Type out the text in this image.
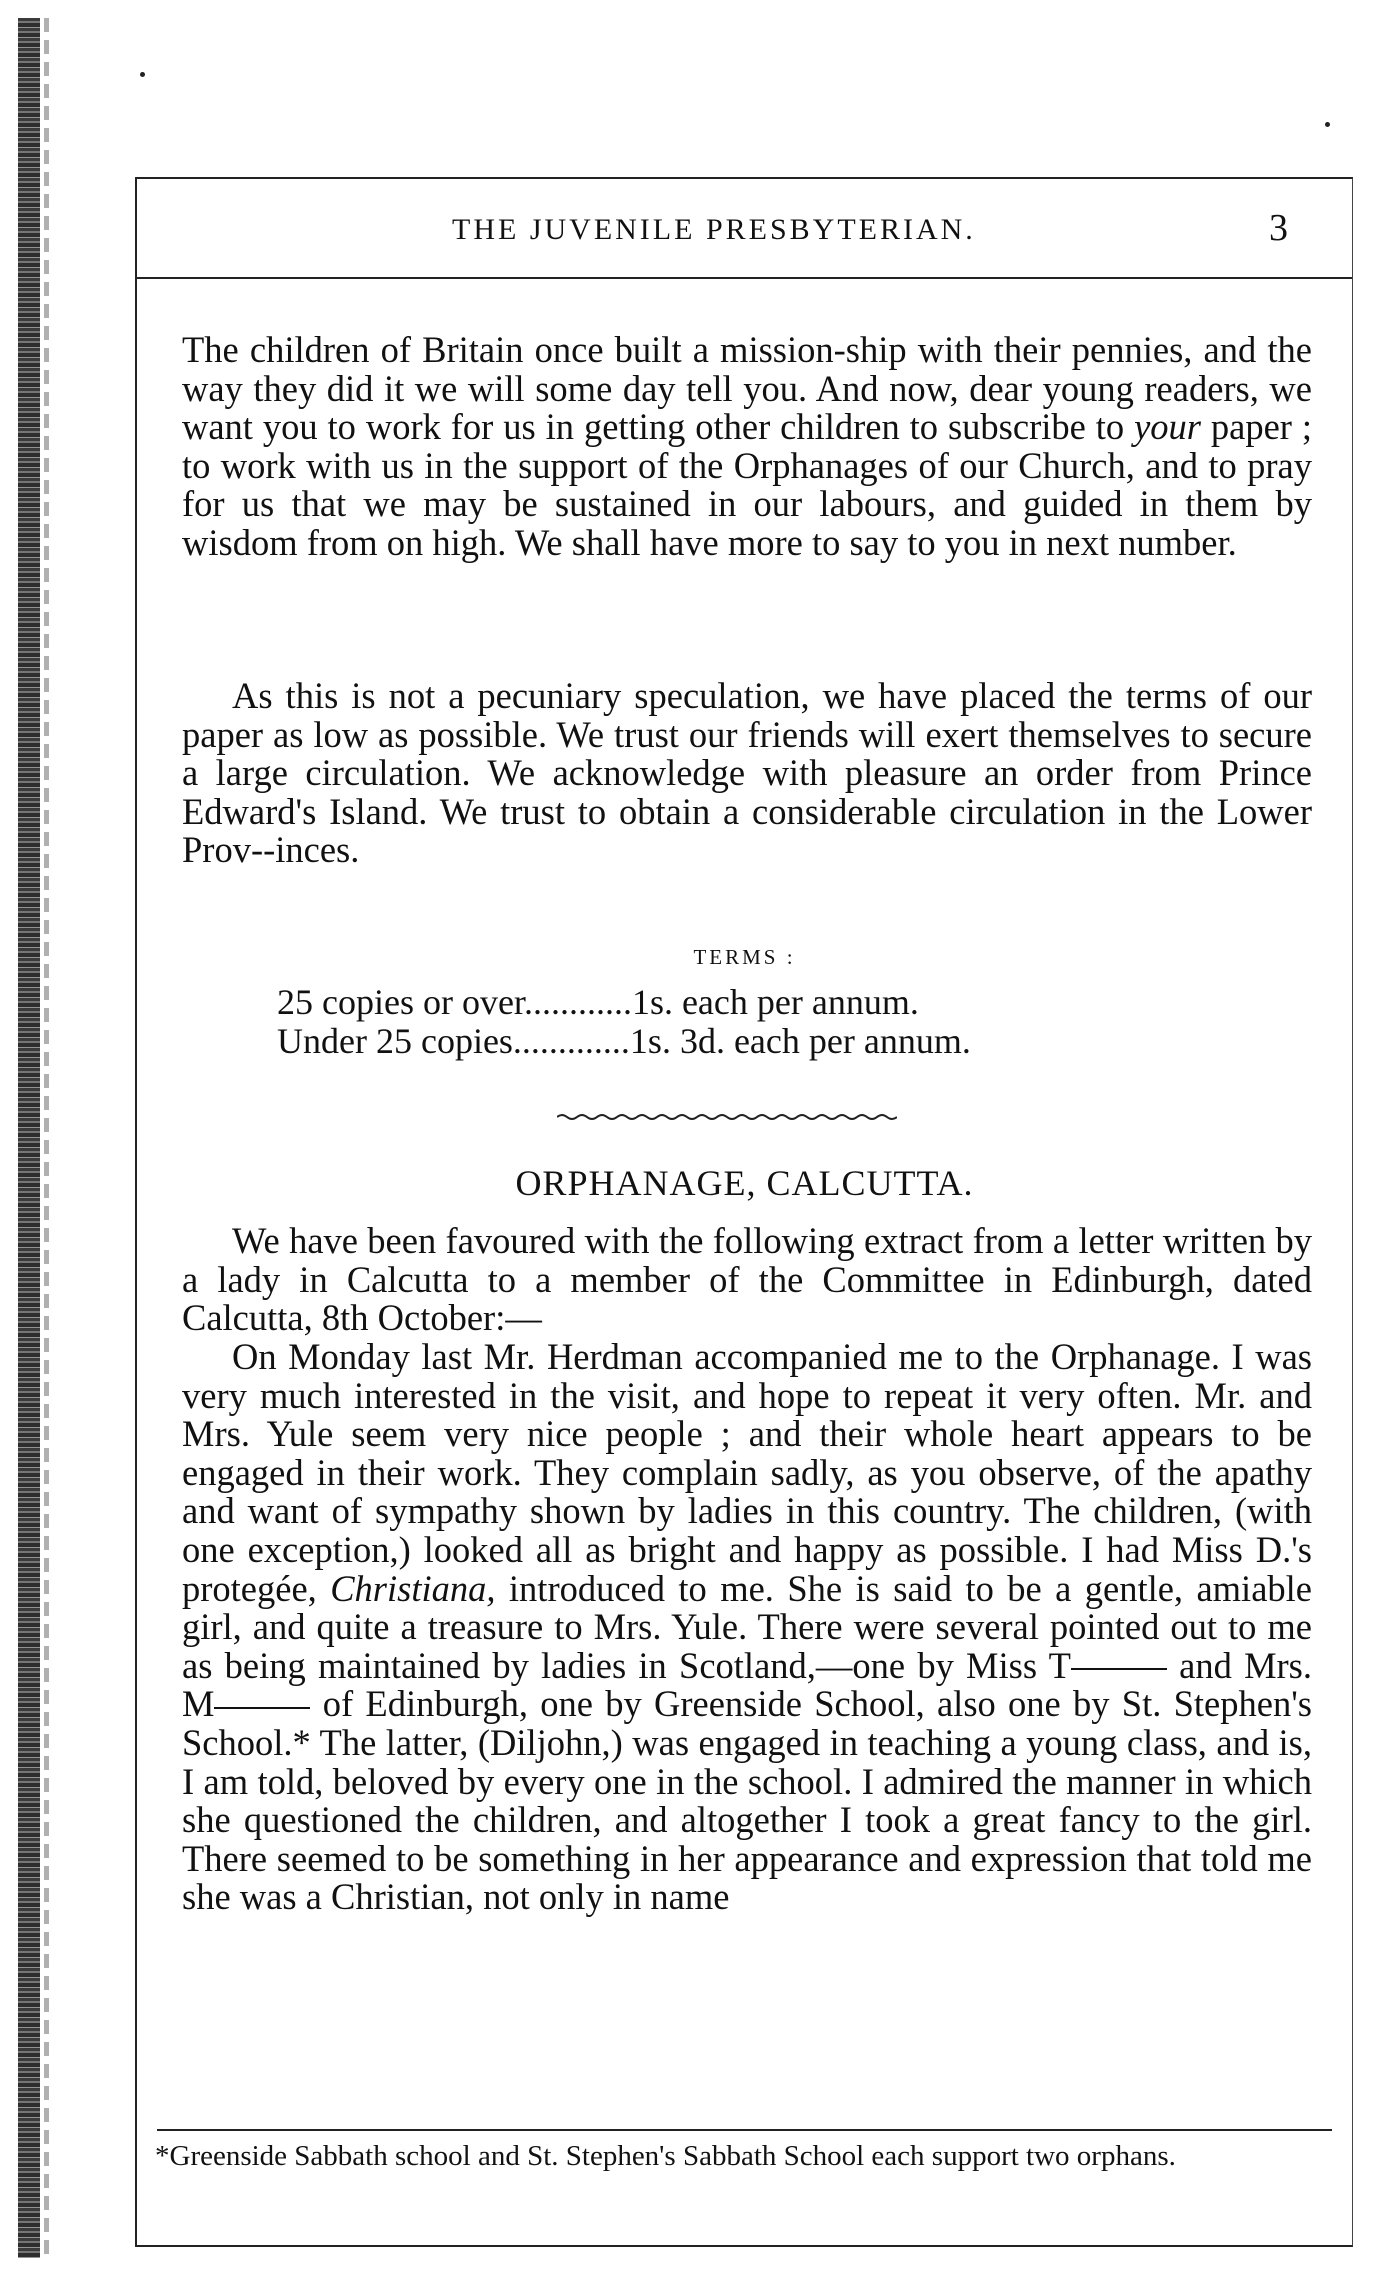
THE JUVENILE PRESBYTERIAN.	3

The children of Britain once built a mission-ship with their pennies, and the way they did it we will some day tell you. And now, dear young readers, we want you to work for us in getting other children to subscribe to your paper ; to work with us in the support of the Orphanages of our Church, and to pray for us that we may be sustained in our labours, and guided in them by wisdom from on high. We shall have more to say to you in next number.

As this is not a pecuniary speculation, we have placed the terms of our paper as low as possible. We trust our friends will exert themselves to secure a large circulation. We acknowledge with pleasure an order from Prince Edward's Island. We trust to obtain a considerable circulation in the Lower Prov--inces.

TERMS :
25 copies or over............1s. each per annum.
Under 25 copies.............1s. 3d. each per annum.
ORPHANAGE, CALCUTTA.

We have been favoured with the following extract from a letter written by a lady in Calcutta to a member of the Committee in Edinburgh, dated Calcutta, 8th October:—

On Monday last Mr. Herdman accompanied me to the Orphanage. I was very much interested in the visit, and hope to repeat it very often. Mr. and Mrs. Yule seem very nice people ; and their whole heart appears to be engaged in their work. They complain sadly, as you observe, of the apathy and want of sympathy shown by ladies in this country. The children, (with one exception,) looked all as bright and happy as possible. I had Miss D.'s protegée, Christiana, introduced to me. She is said to be a gentle, amiable girl, and quite a treasure to Mrs. Yule. There were several pointed out to me as being maintained by ladies in Scotland,—one by Miss T	and Mrs. M	of Edinburgh, one by Greenside School, also one by St. Stephen's School.* The latter, (Diljohn,) was engaged in teaching a young class, and is, I am told, beloved by every one in the school. I admired the manner in which she questioned the children, and altogether I took a great fancy to the girl. There seemed to be something in her appearance and expression that told me she was a Christian, not only in name

*Greenside Sabbath school and St. Stephen's Sabbath School each support two orphans.
